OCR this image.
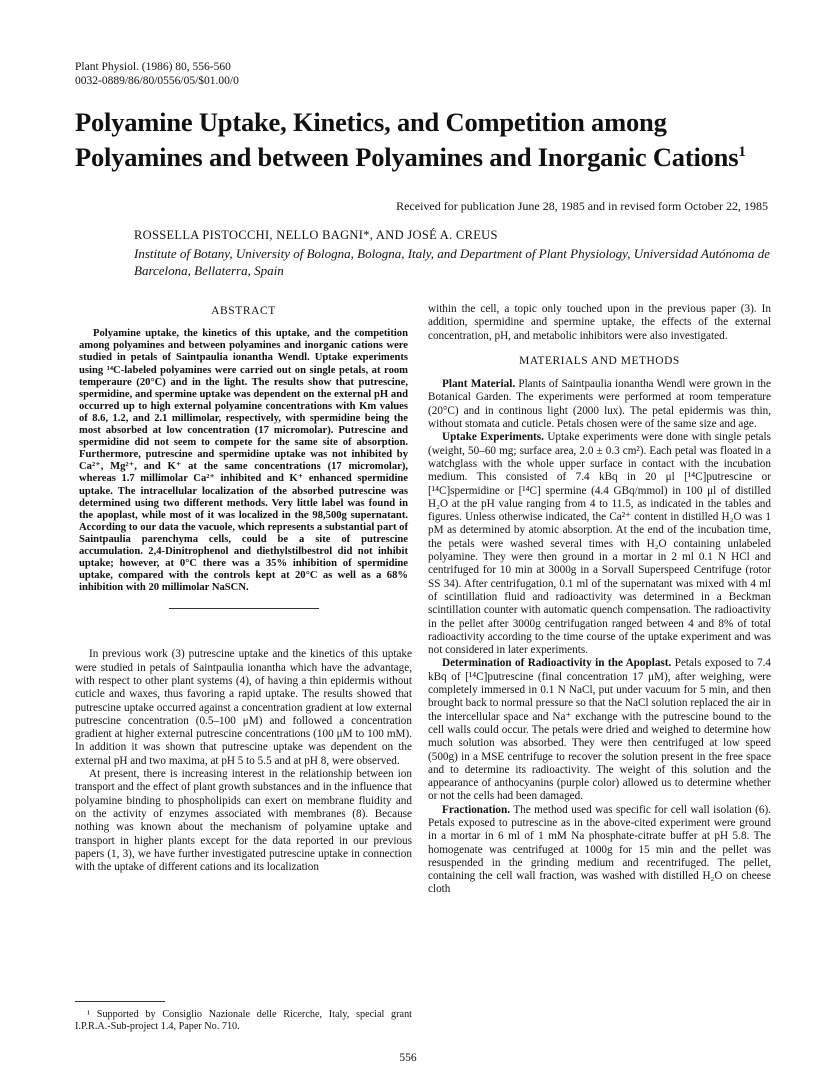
Plant Physiol. (1986) 80, 556-560
0032-0889/86/80/0556/05/$01.00/0
Polyamine Uptake, Kinetics, and Competition among Polyamines and between Polyamines and Inorganic Cations$^1$
Received for publication June 28, 1985 and in revised form October 22, 1985
ROSSELLA PISTOCCHI, NELLO BAGNI*, AND JOSÉ A. CREUS
Institute of Botany, University of Bologna, Bologna, Italy, and Department of Plant Physiology, Universidad Autónoma de Barcelona, Bellaterra, Spain

ABSTRACT

Polyamine uptake, the kinetics of this uptake, and the competition among polyamines and between polyamines and inorganic cations were studied in petals of Saintpaulia ionantha Wendl. Uptake experiments using ¹⁴C-labeled polyamines were carried out on single petals, at room temperaure (20°C) and in the light. The results show that putrescine, spermidine, and spermine uptake was dependent on the external pH and occurred up to high external polyamine concentrations with Km values of 8.6, 1.2, and 2.1 millimolar, respectively, with spermidine being the most absorbed at low concentration (17 micromolar). Putrescine and spermidine did not seem to compete for the same site of absorption. Furthermore, putrescine and spermidine uptake was not inhibited by Ca²⁺, Mg²⁺, and K⁺ at the same concentrations (17 micromolar), whereas 1.7 millimolar Ca²⁺ inhibited and K⁺ enhanced spermidine uptake. The intracellular localization of the absorbed putrescine was determined using two different methods. Very little label was found in the apoplast, while most of it was localized in the 98,500g supernatant. According to our data the vacuole, which represents a substantial part of Saintpaulia parenchyma cells, could be a site of putrescine accumulation. 2,4-Dinitrophenol and diethylstilbestrol did not inhibit uptake; however, at 0°C there was a 35% inhibition of spermidine uptake, compared with the controls kept at 20°C as well as a 68% inhibition with 20 millimolar NaSCN.

In previous work (3) putrescine uptake and the kinetics of this uptake were studied in petals of Saintpaulia ionantha which have the advantage, with respect to other plant systems (4), of having a thin epidermis without cuticle and waxes, thus favoring a rapid uptake. The results showed that putrescine uptake occurred against a concentration gradient at low external putrescine concentration (0.5–100 μM) and followed a concentration gradient at higher external putrescine concentrations (100 μM to 100 mM). In addition it was shown that putrescine uptake was dependent on the external pH and two maxima, at pH 5 to 5.5 and at pH 8, were observed.

At present, there is increasing interest in the relationship between ion transport and the effect of plant growth substances and in the influence that polyamine binding to phospholipids can exert on membrane fluidity and on the activity of enzymes associated with membranes (8). Because nothing was known about the mechanism of polyamine uptake and transport in higher plants except for the data reported in our previous papers (1, 3), we have further investigated putrescine uptake in connection with the uptake of different cations and its localization

within the cell, a topic only touched upon in the previous paper (3). In addition, spermidine and spermine uptake, the effects of the external concentration, pH, and metabolic inhibitors were also investigated.

MATERIALS AND METHODS

Plant Material. Plants of Saintpaulia ionantha Wendl were grown in the Botanical Garden. The experiments were performed at room temperature (20°C) and in continous light (2000 lux). The petal epidermis was thin, without stomata and cuticle. Petals chosen were of the same size and age.

Uptake Experiments. Uptake experiments were done with single petals (weight, 50–60 mg; surface area, 2.0 ± 0.3 cm²). Each petal was floated in a watchglass with the whole upper surface in contact with the incubation medium. This consisted of 7.4 kBq in 20 μl [¹⁴C]putrescine or [¹⁴C]spermidine or [¹⁴C] spermine (4.4 GBq/mmol) in 100 μl of distilled H₂O at the pH value ranging from 4 to 11.5, as indicated in the tables and figures. Unless otherwise indicated, the Ca²⁺ content in distilled H₂O was 1 pM as determined by atomic absorption. At the end of the incubation time, the petals were washed several times with H₂O containing unlabeled polyamine. They were then ground in a mortar in 2 ml 0.1 N HCl and centrifuged for 10 min at 3000g in a Sorvall Superspeed Centrifuge (rotor SS 34). After centrifugation, 0.1 ml of the supernatant was mixed with 4 ml of scintillation fluid and radioactivity was determined in a Beckman scintillation counter with automatic quench compensation. The radioactivity in the pellet after 3000g centrifugation ranged between 4 and 8% of total radioactivity according to the time course of the uptake experiment and was not considered in later experiments.

Determination of Radioactivity in the Apoplast. Petals exposed to 7.4 kBq of [¹⁴C]putrescine (final concentration 17 μM), after weighing, were completely immersed in 0.1 N NaCl, put under vacuum for 5 min, and then brought back to normal pressure so that the NaCl solution replaced the air in the intercellular space and Na⁺ exchange with the putrescine bound to the cell walls could occur. The petals were dried and weighed to determine how much solution was absorbed. They were then centrifuged at low speed (500g) in a MSE centrifuge to recover the solution present in the free space and to determine its radioactivity. The weight of this solution and the appearance of anthocyanins (purple color) allowed us to determine whether or not the cells had been damaged.

Fractionation. The method used was specific for cell wall isolation (6). Petals exposed to putrescine as in the above-cited experiment were ground in a mortar in 6 ml of 1 mM Na phosphate-citrate buffer at pH 5.8. The homogenate was centrifuged at 1000g for 15 min and the pellet was resuspended in the grinding medium and recentrifuged. The pellet, containing the cell wall fraction, was washed with distilled H₂O on cheese cloth

¹ Supported by Consiglio Nazionale delle Ricerche, Italy, special grant I.P.R.A.-Sub-project 1.4, Paper No. 710.
556
